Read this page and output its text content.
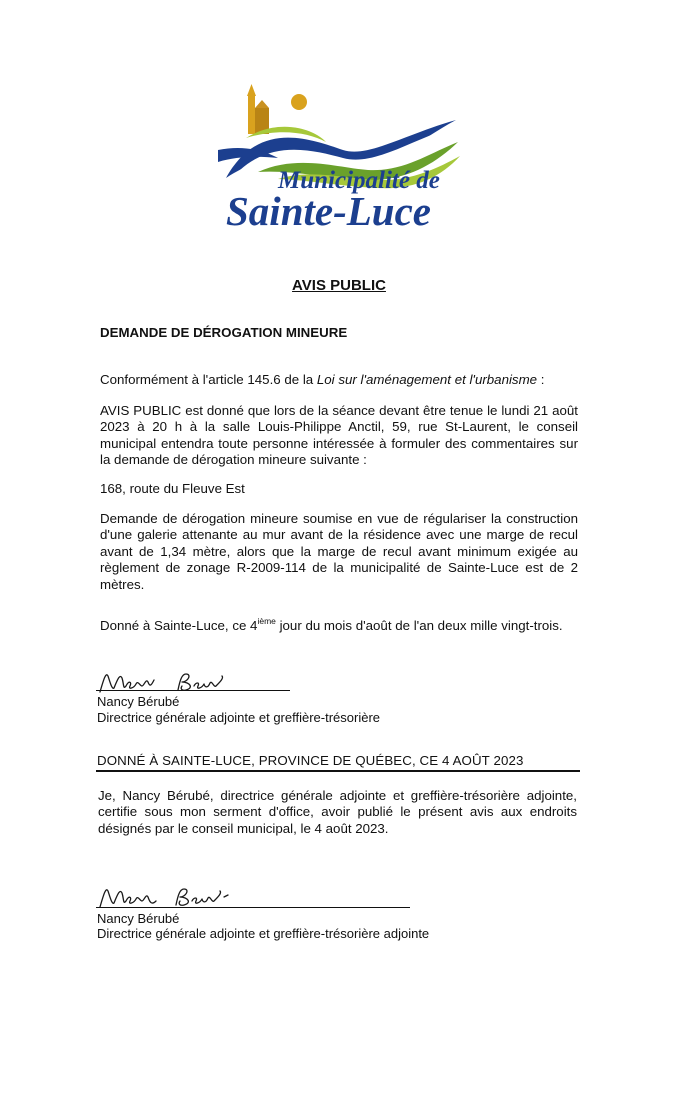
Municipalité de
Sainte-Luce
AVIS PUBLIC
DEMANDE DE DÉROGATION MINEURE

Conformément à l'article 145.6 de la Loi sur l'aménagement et l'urbanisme :

AVIS PUBLIC est donné que lors de la séance devant être tenue le lundi 21 août 2023 à 20 h à la salle Louis-Philippe Anctil, 59, rue St-Laurent, le conseil municipal entendra toute personne intéressée à formuler des commentaires sur la demande de dérogation mineure suivante :

168, route du Fleuve Est

Demande de dérogation mineure soumise en vue de régulariser la construction d'une galerie attenante au mur avant de la résidence avec une marge de recul avant de 1,34 mètre, alors que la marge de recul avant minimum exigée au règlement de zonage R-2009-114 de la municipalité de Sainte-Luce est de 2 mètres.

Donné à Sainte-Luce, ce 4ième jour du mois d'août de l'an deux mille vingt-trois.

Nancy Bérubé
Directrice générale adjointe et greffière-trésorière
DONNÉ À SAINTE-LUCE, PROVINCE DE QUÉBEC, CE 4 AOÛT 2023

Je, Nancy Bérubé, directrice générale adjointe et greffière-trésorière adjointe, certifie sous mon serment d'office, avoir publié le présent avis aux endroits désignés par le conseil municipal, le 4 août 2023.

Nancy Bérubé
Directrice générale adjointe et greffière-trésorière adjointe
